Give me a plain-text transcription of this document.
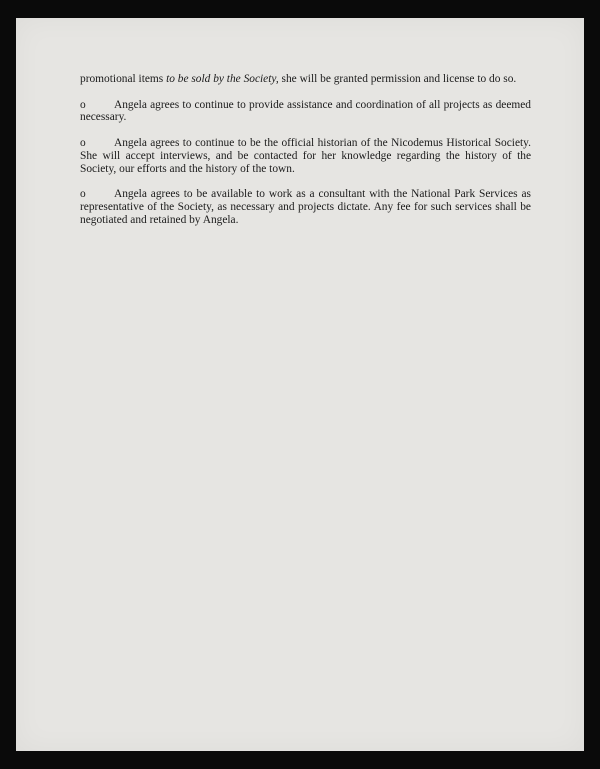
promotional items to be sold by the Society, she will be granted permission and license to do so.

o Angela agrees to continue to provide assistance and coordination of all projects as deemed necessary.

o Angela agrees to continue to be the official historian of the Nicodemus Historical Society. She will accept interviews, and be contacted for her knowledge regarding the history of the Society, our efforts and the history of the town.

o Angela agrees to be available to work as a consultant with the National Park Services as representative of the Society, as necessary and projects dictate. Any fee for such services shall be negotiated and retained by Angela.
